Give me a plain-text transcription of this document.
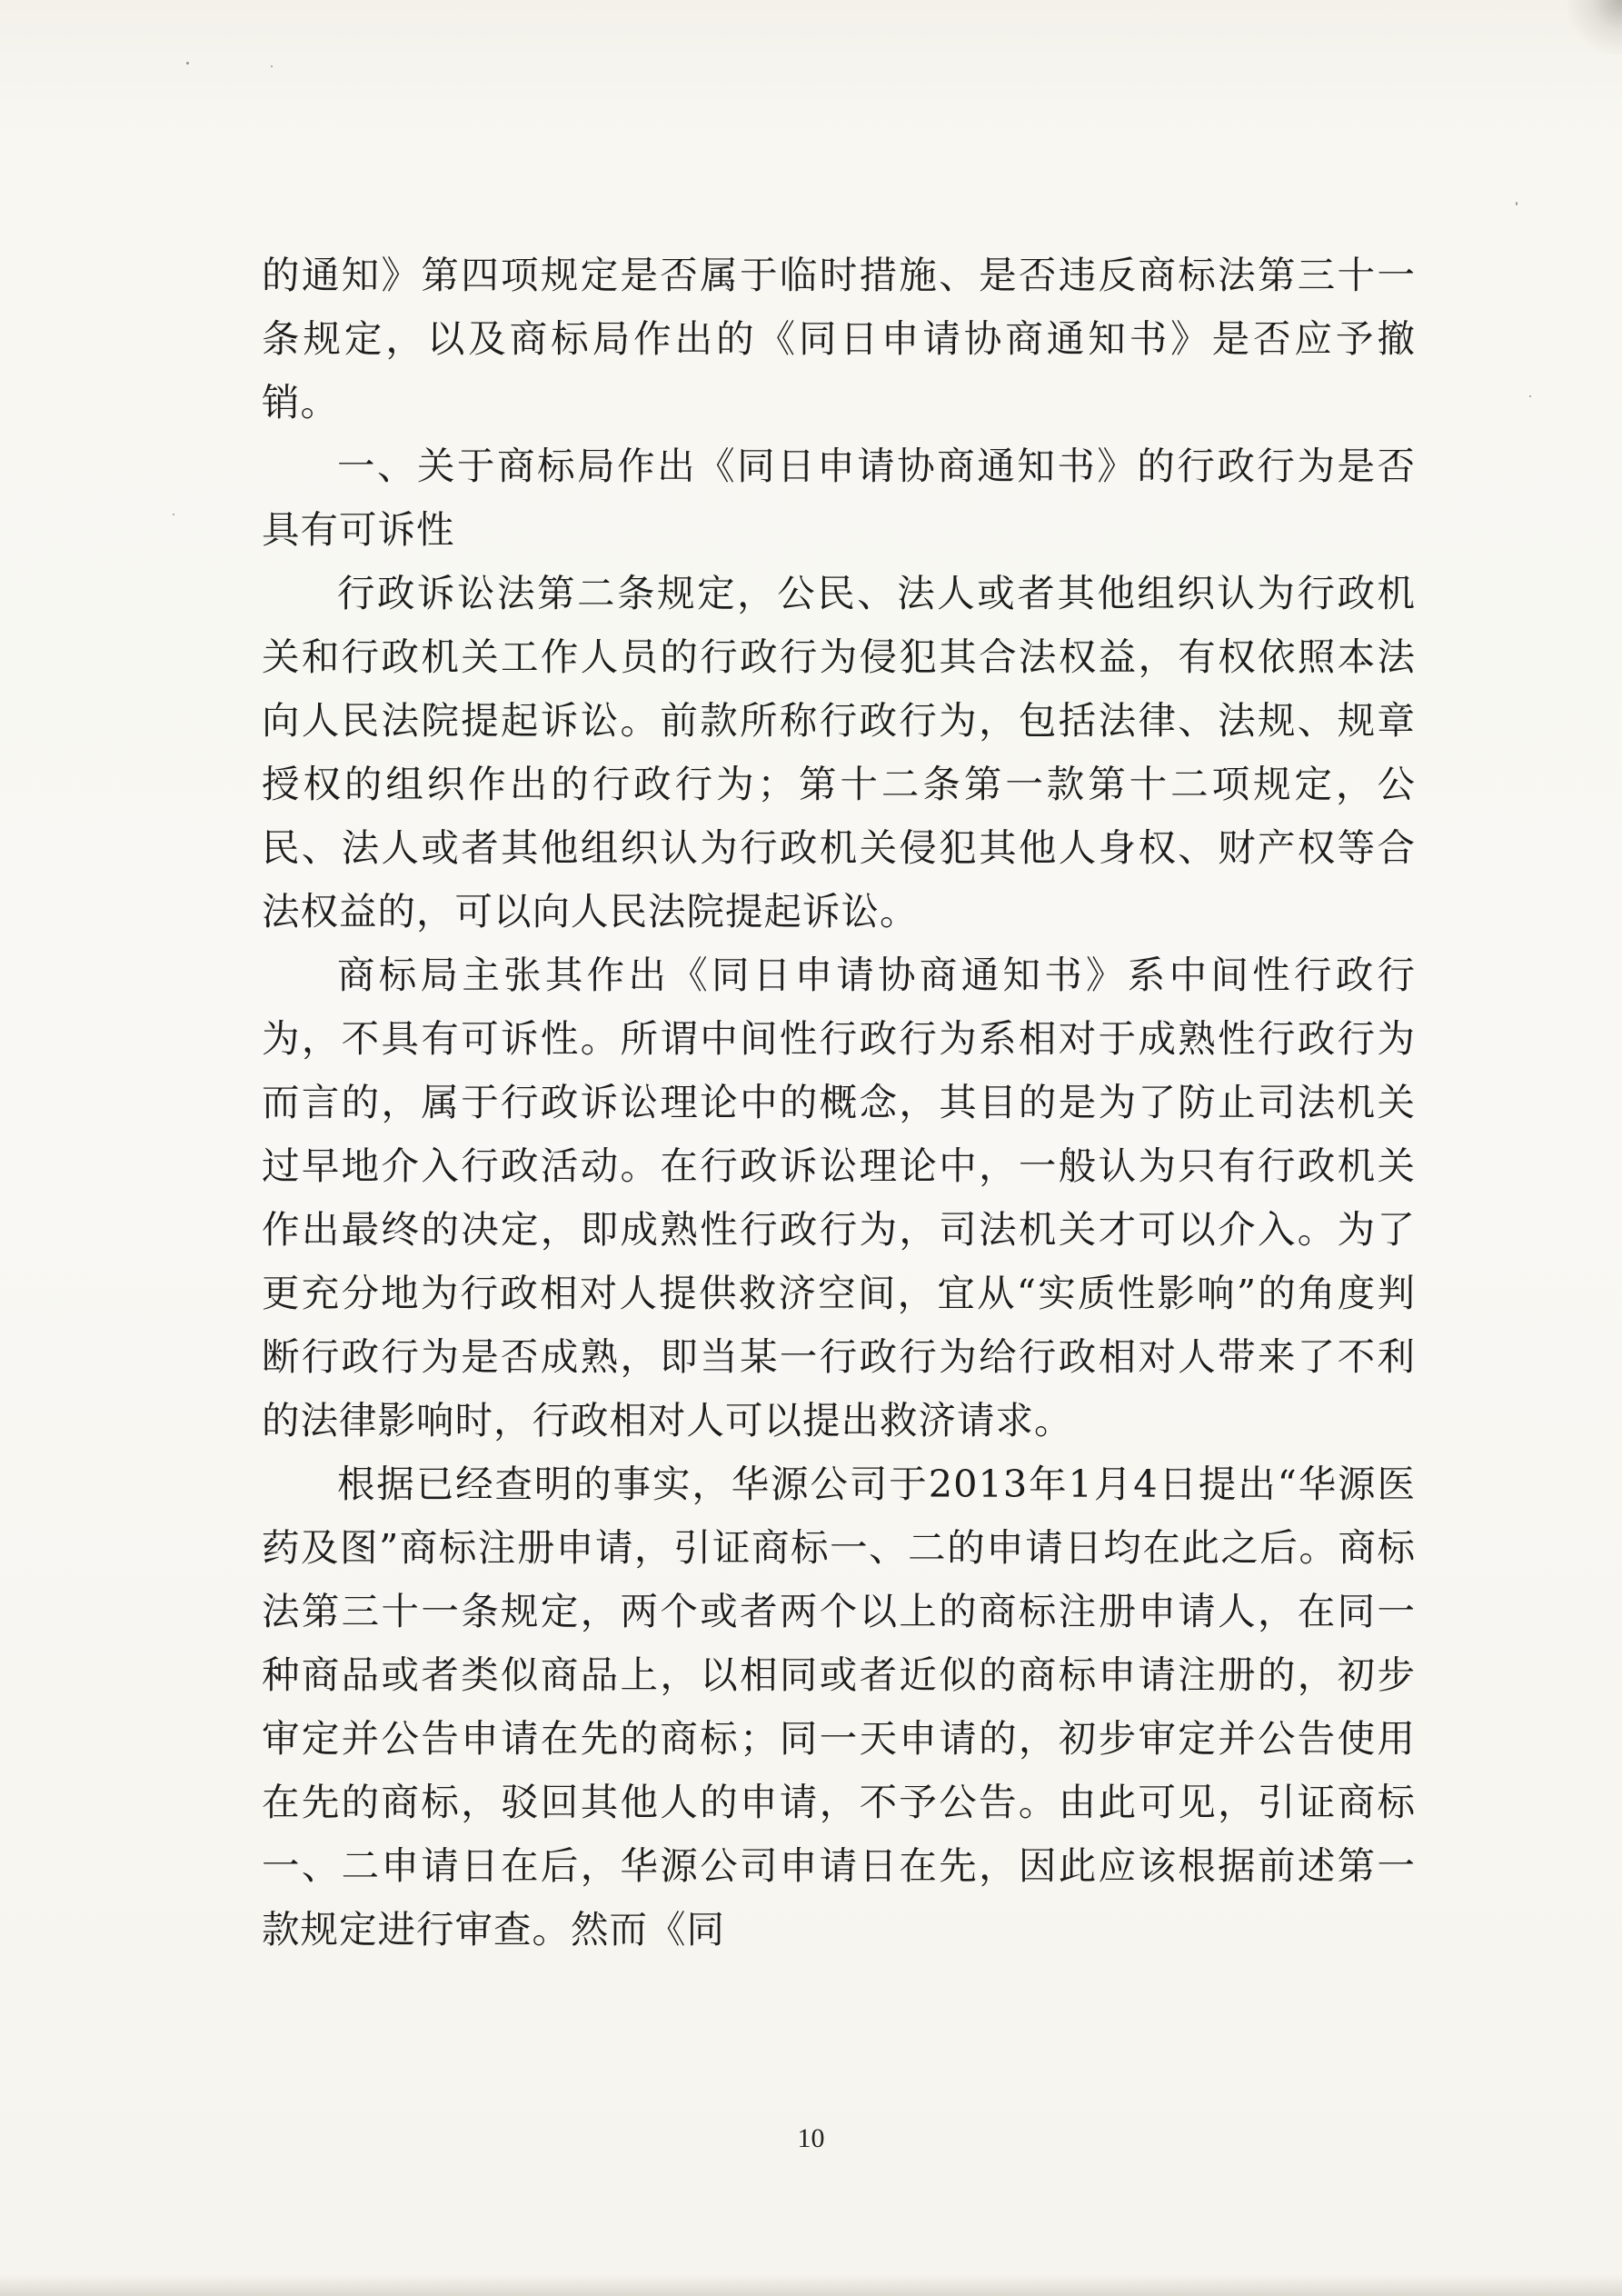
的通知》第四项规定是否属于临时措施、是否违反商标法第三十一条规定，以及商标局作出的《同日申请协商通知书》是否应予撤销。

一、关于商标局作出《同日申请协商通知书》的行政行为是否具有可诉性

行政诉讼法第二条规定，公民、法人或者其他组织认为行政机关和行政机关工作人员的行政行为侵犯其合法权益，有权依照本法向人民法院提起诉讼。前款所称行政行为，包括法律、法规、规章授权的组织作出的行政行为；第十二条第一款第十二项规定，公民、法人或者其他组织认为行政机关侵犯其他人身权、财产权等合法权益的，可以向人民法院提起诉讼。

商标局主张其作出《同日申请协商通知书》系中间性行政行为，不具有可诉性。所谓中间性行政行为系相对于成熟性行政行为而言的，属于行政诉讼理论中的概念，其目的是为了防止司法机关过早地介入行政活动。在行政诉讼理论中，一般认为只有行政机关作出最终的决定，即成熟性行政行为，司法机关才可以介入。为了更充分地为行政相对人提供救济空间，宜从“实质性影响”的角度判断行政行为是否成熟，即当某一行政行为给行政相对人带来了不利的法律影响时，行政相对人可以提出救济请求。

根据已经查明的事实，华源公司于2013年1月4日提出“华源医药及图”商标注册申请，引证商标一、二的申请日均在此之后。商标法第三十一条规定，两个或者两个以上的商标注册申请人，在同一种商品或者类似商品上，以相同或者近似的商标申请注册的，初步审定并公告申请在先的商标；同一天申请的，初步审定并公告使用在先的商标，驳回其他人的申请，不予公告。由此可见，引证商标一、二申请日在后，华源公司申请日在先，因此应该根据前述第一款规定进行审查。然而《同

10
